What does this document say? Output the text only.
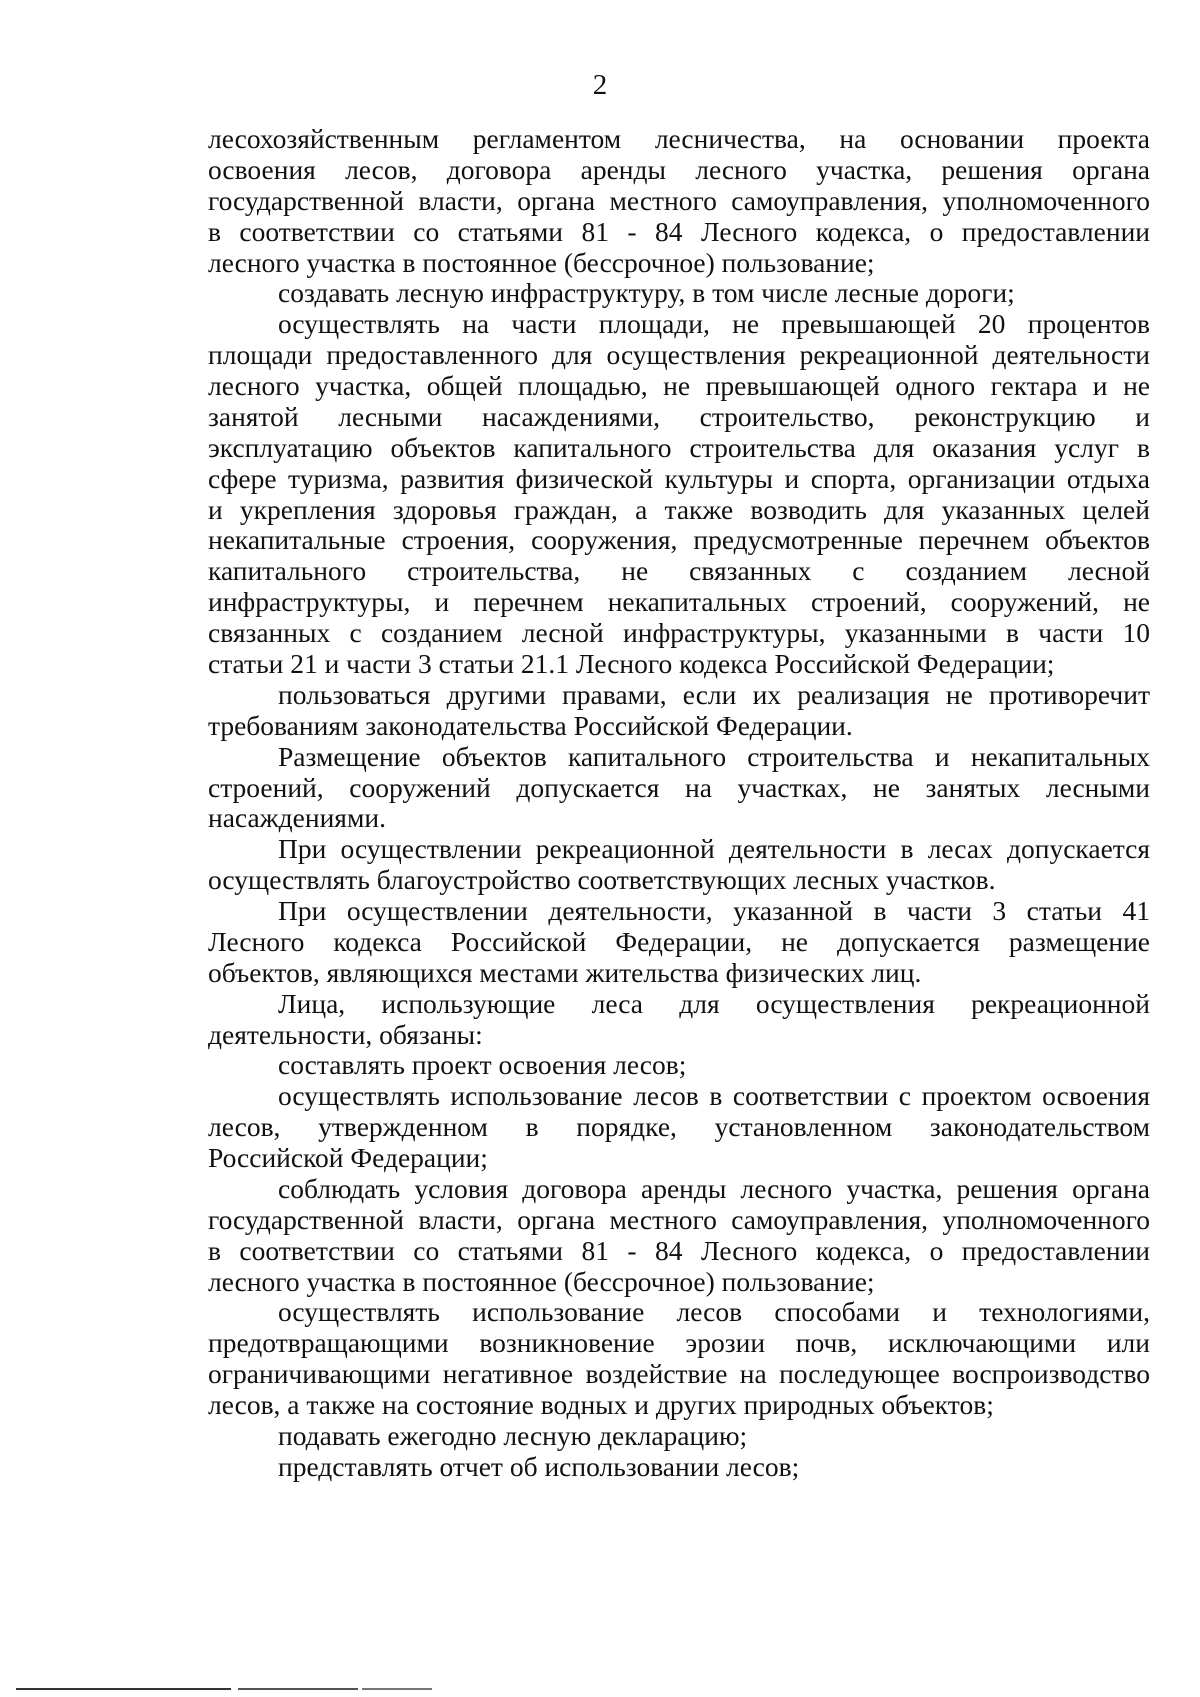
2
лесохозяйственным регламентом лесничества, на основании проекта
освоения лесов, договора аренды лесного участка, решения органа
государственной власти, органа местного самоуправления, уполномоченного
в соответствии со статьями 81 - 84 Лесного кодекса, о предоставлении
лесного участка в постоянное (бессрочное) пользование;
создавать лесную инфраструктуру, в том числе лесные дороги;
осуществлять на части площади, не превышающей 20 процентов
площади предоставленного для осуществления рекреационной деятельности
лесного участка, общей площадью, не превышающей одного гектара и не
занятой лесными насаждениями, строительство, реконструкцию и
эксплуатацию объектов капитального строительства для оказания услуг в
сфере туризма, развития физической культуры и спорта, организации отдыха
и укрепления здоровья граждан, а также возводить для указанных целей
некапитальные строения, сооружения, предусмотренные перечнем объектов
капитального строительства, не связанных с созданием лесной
инфраструктуры, и перечнем некапитальных строений, сооружений, не
связанных с созданием лесной инфраструктуры, указанными в части 10
статьи 21 и части 3 статьи 21.1 Лесного кодекса Российской Федерации;
пользоваться другими правами, если их реализация не противоречит
требованиям законодательства Российской Федерации.
Размещение объектов капитального строительства и некапитальных
строений, сооружений допускается на участках, не занятых лесными
насаждениями.
При осуществлении рекреационной деятельности в лесах допускается
осуществлять благоустройство соответствующих лесных участков.
При осуществлении деятельности, указанной в части 3 статьи 41
Лесного кодекса Российской Федерации, не допускается размещение
объектов, являющихся местами жительства физических лиц.
Лица, использующие леса для осуществления рекреационной
деятельности, обязаны:
составлять проект освоения лесов;
осуществлять использование лесов в соответствии с проектом освоения
лесов, утвержденном в порядке, установленном законодательством
Российской Федерации;
соблюдать условия договора аренды лесного участка, решения органа
государственной власти, органа местного самоуправления, уполномоченного
в соответствии со статьями 81 - 84 Лесного кодекса, о предоставлении
лесного участка в постоянное (бессрочное) пользование;
осуществлять использование лесов способами и технологиями,
предотвращающими возникновение эрозии почв, исключающими или
ограничивающими негативное воздействие на последующее воспроизводство
лесов, а также на состояние водных и других природных объектов;
подавать ежегодно лесную декларацию;
представлять отчет об использовании лесов;
